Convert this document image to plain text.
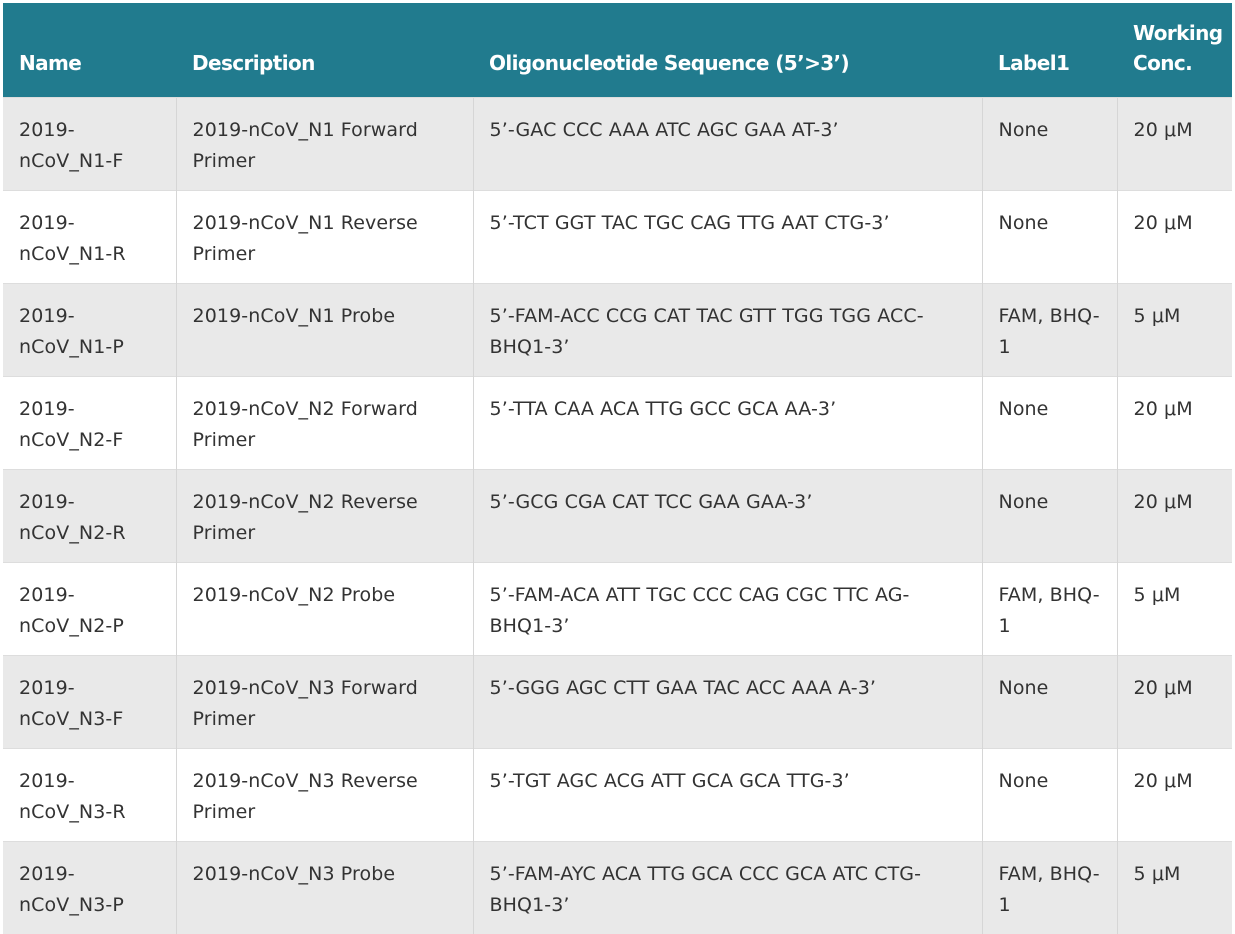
Name	Description	Oligonucleotide Sequence (5’>3’)	Label1	Working Conc.
2019-nCoV_N1-F	2019-nCoV_N1 Forward Primer	5’-GAC CCC AAA ATC AGC GAA AT-3’	None	20 μM
2019-nCoV_N1-R	2019-nCoV_N1 Reverse Primer	5’-TCT GGT TAC TGC CAG TTG AAT CTG-3’	None	20 μM
2019-nCoV_N1-P	2019-nCoV_N1 Probe	5’-FAM-ACC CCG CAT TAC GTT TGG TGG ACC-BHQ1-3’	FAM, BHQ-1	5 μM
2019-nCoV_N2-F	2019-nCoV_N2 Forward Primer	5’-TTA CAA ACA TTG GCC GCA AA-3’	None	20 μM
2019-nCoV_N2-R	2019-nCoV_N2 Reverse Primer	5’-GCG CGA CAT TCC GAA GAA-3’	None	20 μM
2019-nCoV_N2-P	2019-nCoV_N2 Probe	5’-FAM-ACA ATT TGC CCC CAG CGC TTC AG-BHQ1-3’	FAM, BHQ-1	5 μM
2019-nCoV_N3-F	2019-nCoV_N3 Forward Primer	5’-GGG AGC CTT GAA TAC ACC AAA A-3’	None	20 μM
2019-nCoV_N3-R	2019-nCoV_N3 Reverse Primer	5’-TGT AGC ACG ATT GCA GCA TTG-3’	None	20 μM
2019-nCoV_N3-P	2019-nCoV_N3 Probe	5’-FAM-AYC ACA TTG GCA CCC GCA ATC CTG-BHQ1-3’	FAM, BHQ-1	5 μM
